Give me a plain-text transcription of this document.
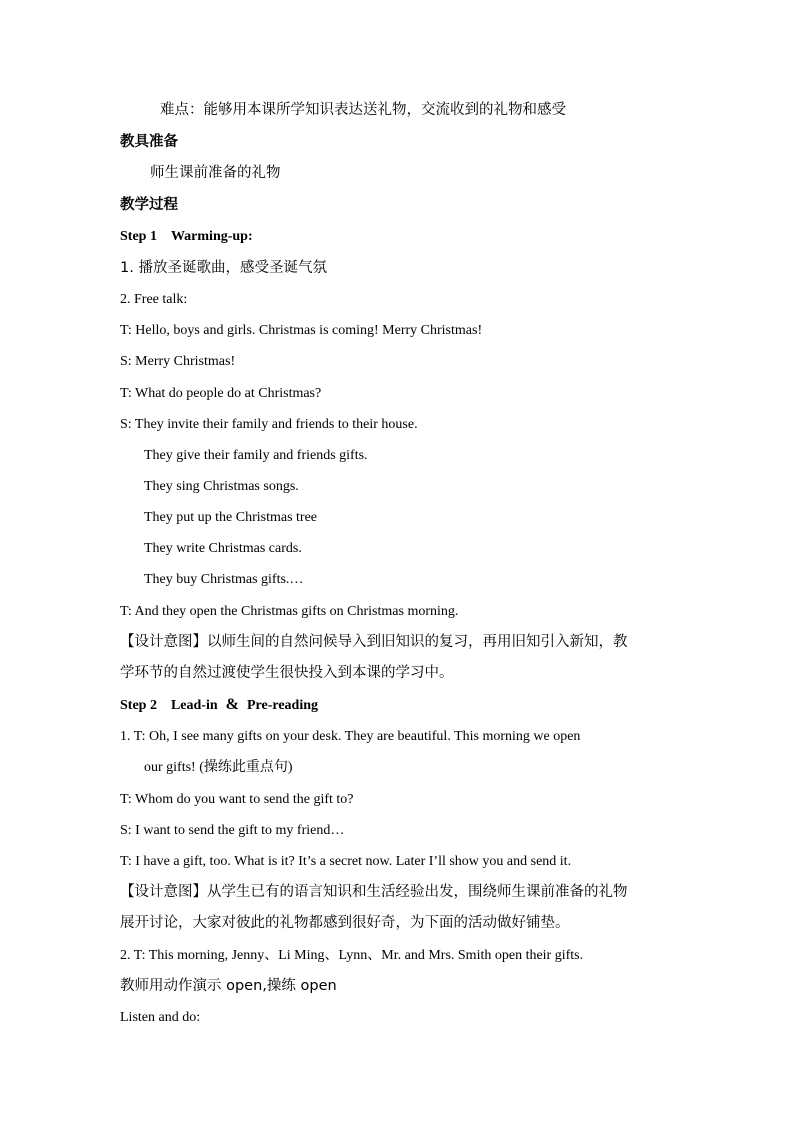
难点：能够用本课所学知识表达送礼物，交流收到的礼物和感受
教具准备
师生课前准备的礼物
教学过程
Step 1 Warming-up:
1. 播放圣诞歌曲，感受圣诞气氛
2. Free talk:
T: Hello, boys and girls. Christmas is coming! Merry Christmas!
S: Merry Christmas!
T: What do people do at Christmas?
S: They invite their family and friends to their house.
They give their family and friends gifts.
They sing Christmas songs.
They put up the Christmas tree
They write Christmas cards.
They buy Christmas gifts.…
T: And they open the Christmas gifts on Christmas morning.
【设计意图】以师生间的自然问候导入到旧知识的复习，再用旧知引入新知，教
学环节的自然过渡使学生很快投入到本课的学习中。
Step 2 Lead-in & Pre-reading
1. T: Oh, I see many gifts on your desk. They are beautiful. This morning we open
our gifts! (操练此重点句)
T: Whom do you want to send the gift to?
S: I want to send the gift to my friend…
T: I have a gift, too. What is it? It’s a secret now. Later I’ll show you and send it.
【设计意图】从学生已有的语言知识和生活经验出发，围绕师生课前准备的礼物
展开讨论，大家对彼此的礼物都感到很好奇，为下面的活动做好铺垫。
2. T: This morning, Jenny、Li Ming、Lynn、Mr. and Mrs. Smith open their gifts.
教师用动作演示 open,操练 open
Listen and do:
